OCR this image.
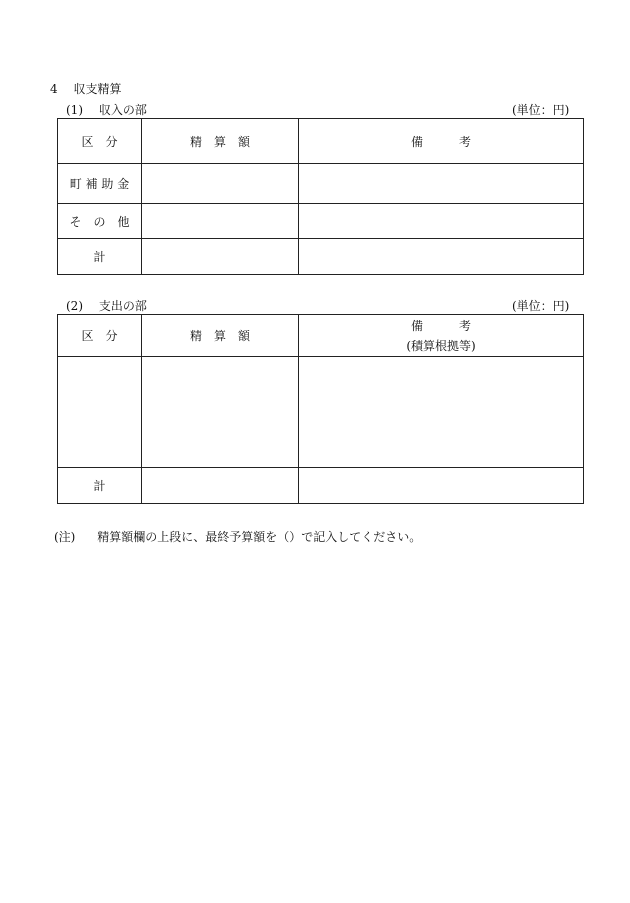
4 収支精算
(1) 収入の部	(単位：円)
区　分	精　算　額	備　　　考
町 補 助 金		
そ　の　他		
計		
(2) 支出の部	(単位：円)
区　分	精　算　額	備　　　考
(積算根拠等)

計		
(注) 精算額欄の上段に、最終予算額を（）で記入してください。
